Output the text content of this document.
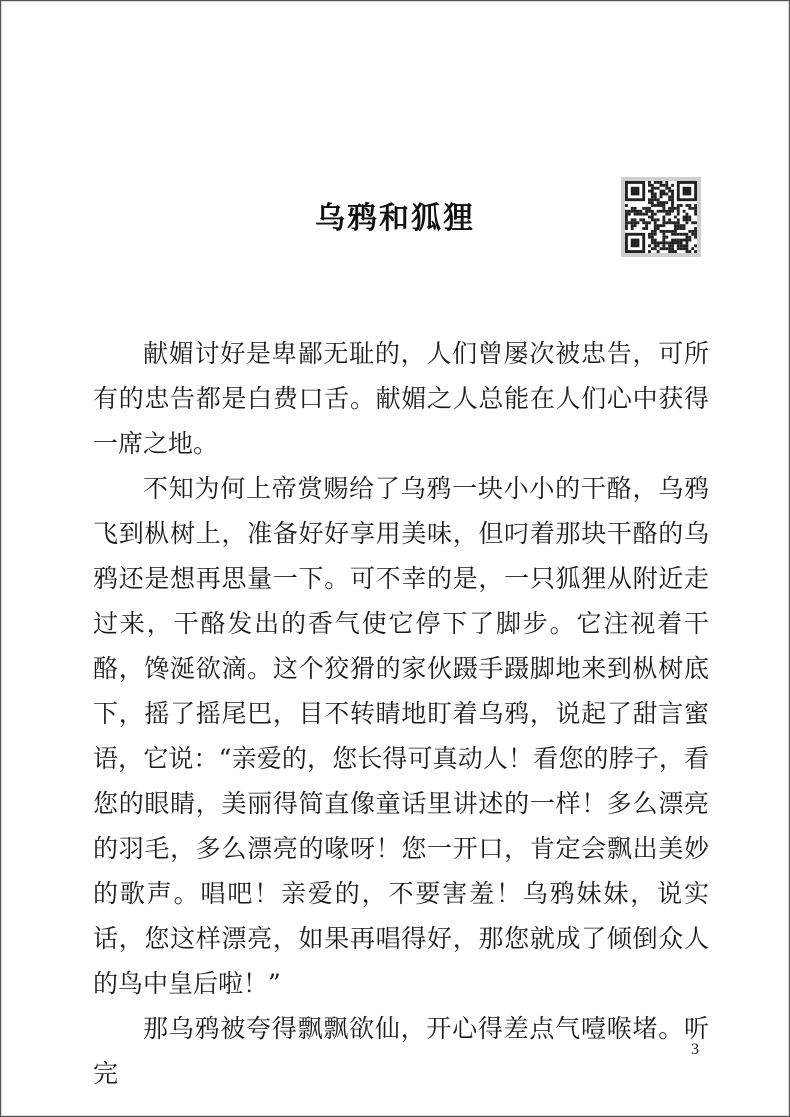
乌鸦和狐狸

献媚讨好是卑鄙无耻的，人们曾屡次被忠告，可所有的忠告都是白费口舌。献媚之人总能在人们心中获得一席之地。

不知为何上帝赏赐给了乌鸦一块小小的干酪，乌鸦飞到枞树上，准备好好享用美味，但叼着那块干酪的乌鸦还是想再思量一下。可不幸的是，一只狐狸从附近走过来，干酪发出的香气使它停下了脚步。它注视着干酪，馋涎欲滴。这个狡猾的家伙蹑手蹑脚地来到枞树底下，摇了摇尾巴，目不转睛地盯着乌鸦，说起了甜言蜜语，它说：“亲爱的，您长得可真动人！看您的脖子，看您的眼睛，美丽得简直像童话里讲述的一样！多么漂亮的羽毛，多么漂亮的喙呀！您一开口，肯定会飘出美妙的歌声。唱吧！亲爱的，不要害羞！乌鸦妹妹，说实话，您这样漂亮，如果再唱得好，那您就成了倾倒众人的鸟中皇后啦！”

那乌鸦被夸得飘飘欲仙，开心得差点气噎喉堵。听完

3
